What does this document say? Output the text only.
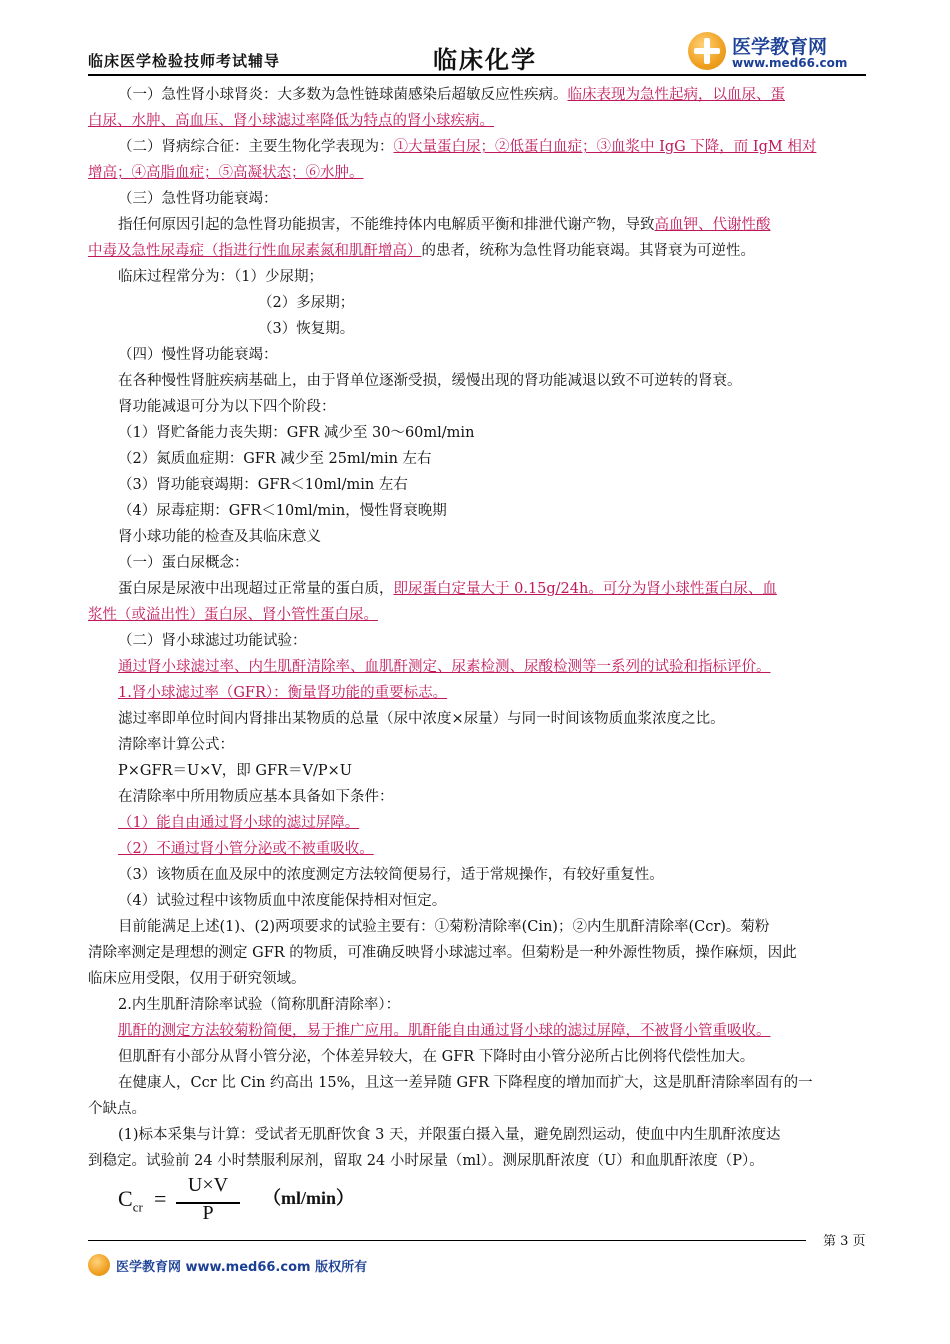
临床医学检验技师考试辅导	临床化学	医学教育网
www.med66.com

（一）急性肾小球肾炎：大多数为急性链球菌感染后超敏反应性疾病。临床表现为急性起病，以血尿、蛋

白尿、水肿、高血压、肾小球滤过率降低为特点的肾小球疾病。

（二）肾病综合征：主要生物化学表现为：①大量蛋白尿；②低蛋白血症；③血浆中 IgG 下降，而 IgM 相对

增高；④高脂血症；⑤高凝状态；⑥水肿。

（三）急性肾功能衰竭：

指任何原因引起的急性肾功能损害，不能维持体内电解质平衡和排泄代谢产物，导致高血钾、代谢性酸

中毒及急性尿毒症（指进行性血尿素氮和肌酐增高）的患者，统称为急性肾功能衰竭。其肾衰为可逆性。

临床过程常分为：（1）少尿期；

（2）多尿期；

（3）恢复期。

（四）慢性肾功能衰竭：

在各种慢性肾脏疾病基础上，由于肾单位逐渐受损，缓慢出现的肾功能减退以致不可逆转的肾衰。

肾功能减退可分为以下四个阶段：

（1）肾贮备能力丧失期：GFR 减少至 30～60ml/min

（2）氮质血症期：GFR 减少至 25ml/min 左右

（3）肾功能衰竭期：GFR＜10ml/min 左右

（4）尿毒症期：GFR＜10ml/min，慢性肾衰晚期

肾小球功能的检查及其临床意义

（一）蛋白尿概念：

蛋白尿是尿液中出现超过正常量的蛋白质，即尿蛋白定量大于 0.15g/24h。可分为肾小球性蛋白尿、血

浆性（或溢出性）蛋白尿、肾小管性蛋白尿。

（二）肾小球滤过功能试验：

通过肾小球滤过率、内生肌酐清除率、血肌酐测定、尿素检测、尿酸检测等一系列的试验和指标评价。

1.肾小球滤过率（GFR）：衡量肾功能的重要标志。

滤过率即单位时间内肾排出某物质的总量（尿中浓度×尿量）与同一时间该物质血浆浓度之比。

清除率计算公式：

P×GFR＝U×V，即 GFR＝V/P×U

在清除率中所用物质应基本具备如下条件：

（1）能自由通过肾小球的滤过屏障。

（2）不通过肾小管分泌或不被重吸收。

（3）该物质在血及尿中的浓度测定方法较简便易行，适于常规操作，有较好重复性。

（4）试验过程中该物质血中浓度能保持相对恒定。

目前能满足上述(1)、(2)两项要求的试验主要有：①菊粉清除率(Cin)；②内生肌酐清除率(Ccr)。菊粉

清除率测定是理想的测定 GFR 的物质，可准确反映肾小球滤过率。但菊粉是一种外源性物质，操作麻烦，因此

临床应用受限，仅用于研究领域。

2.内生肌酐清除率试验（简称肌酐清除率）：

肌酐的测定方法较菊粉简便，易于推广应用。肌酐能自由通过肾小球的滤过屏障，不被肾小管重吸收。

但肌酐有小部分从肾小管分泌，个体差异较大，在 GFR 下降时由小管分泌所占比例将代偿性加大。

在健康人，Ccr 比 Cin 约高出 15%，且这一差异随 GFR 下降程度的增加而扩大，这是肌酐清除率固有的一

个缺点。

(1)标本采集与计算：受试者无肌酐饮食 3 天，并限蛋白摄入量，避免剧烈运动，使血中内生肌酐浓度达

到稳定。试验前 24 小时禁服利尿剂，留取 24 小时尿量（ml）。测尿肌酐浓度（U）和血肌酐浓度（P）。

$C_{cr}$ =
U×V
P
（ml/min）
第 3 页
医学教育网 www.med66.com 版权所有
